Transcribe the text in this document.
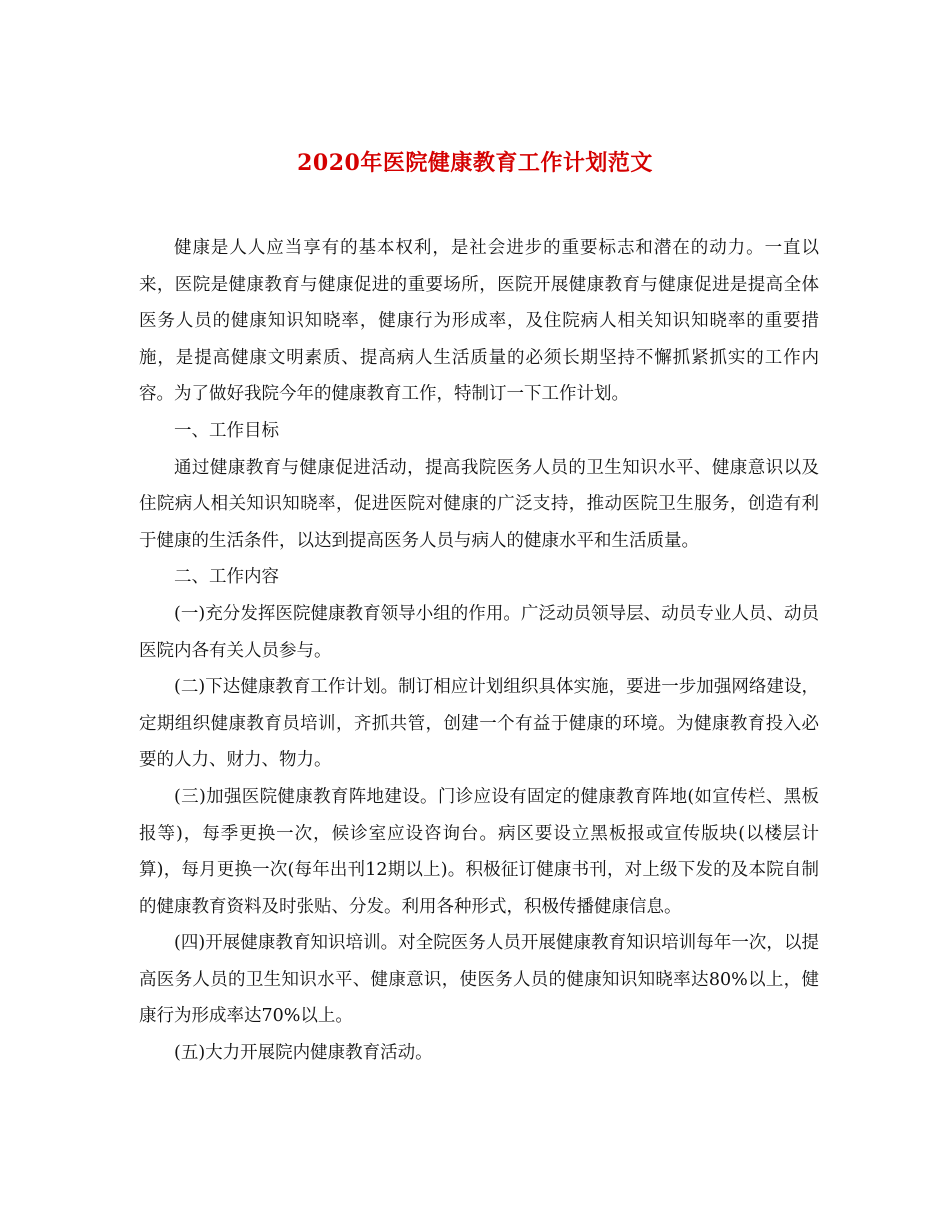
2020年医院健康教育工作计划范文

健康是人人应当享有的基本权利，是社会进步的重要标志和潜在的动力。一直以来，医院是健康教育与健康促进的重要场所，医院开展健康教育与健康促进是提高全体医务人员的健康知识知晓率，健康行为形成率，及住院病人相关知识知晓率的重要措施，是提高健康文明素质、提高病人生活质量的必须长期坚持不懈抓紧抓实的工作内容。为了做好我院今年的健康教育工作，特制订一下工作计划。

一、工作目标

通过健康教育与健康促进活动，提高我院医务人员的卫生知识水平、健康意识以及住院病人相关知识知晓率，促进医院对健康的广泛支持，推动医院卫生服务，创造有利于健康的生活条件，以达到提高医务人员与病人的健康水平和生活质量。

二、工作内容

(一)充分发挥医院健康教育领导小组的作用。广泛动员领导层、动员专业人员、动员医院内各有关人员参与。

(二)下达健康教育工作计划。制订相应计划组织具体实施，要进一步加强网络建设，定期组织健康教育员培训，齐抓共管，创建一个有益于健康的环境。为健康教育投入必要的人力、财力、物力。

(三)加强医院健康教育阵地建设。门诊应设有固定的健康教育阵地(如宣传栏、黑板报等)，每季更换一次，候诊室应设咨询台。病区要设立黑板报或宣传版块(以楼层计算)，每月更换一次(每年出刊12期以上)。积极征订健康书刊，对上级下发的及本院自制的健康教育资料及时张贴、分发。利用各种形式，积极传播健康信息。

(四)开展健康教育知识培训。对全院医务人员开展健康教育知识培训每年一次，以提高医务人员的卫生知识水平、健康意识，使医务人员的健康知识知晓率达80%以上，健康行为形成率达70%以上。

(五)大力开展院内健康教育活动。
